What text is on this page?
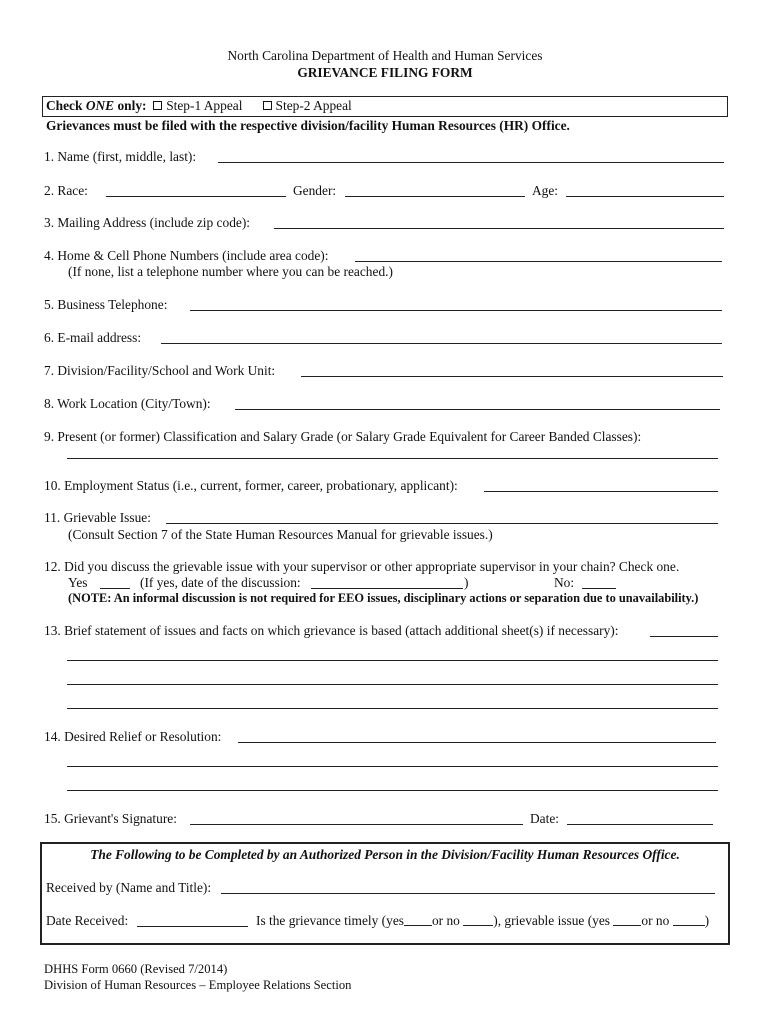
North Carolina Department of Health and Human Services
GRIEVANCE FILING FORM
Check ONE only: Step-1 Appeal Step-2 Appeal
Grievances must be filed with the respective division/facility Human Resources (HR) Office.
1. Name (first, middle, last):
2. Race:	Gender:	Age:
3. Mailing Address (include zip code):
4. Home & Cell Phone Numbers (include area code):
(If none, list a telephone number where you can be reached.)
5. Business Telephone:
6. E-mail address:
7. Division/Facility/School and Work Unit:
8. Work Location (City/Town):
9. Present (or former) Classification and Salary Grade (or Salary Grade Equivalent for Career Banded Classes):
10. Employment Status (i.e., current, former, career, probationary, applicant):
11. Grievable Issue:
(Consult Section 7 of the State Human Resources Manual for grievable issues.)
12. Did you discuss the grievable issue with your supervisor or other appropriate supervisor in your chain? Check one.
Yes	(If yes, date of the discussion:	)	No:
(NOTE: An informal discussion is not required for EEO issues, disciplinary actions or separation due to unavailability.)
13. Brief statement of issues and facts on which grievance is based (attach additional sheet(s) if necessary):
14. Desired Relief or Resolution:
15. Grievant's Signature:	Date:
The Following to be Completed by an Authorized Person in the Division/Facility Human Resources Office.
Received by (Name and Title):
Date Received:	Is the grievance timely (yes or no ), grievable issue (yes or no	)
DHHS Form 0660 (Revised 7/2014)
Division of Human Resources – Employee Relations Section
